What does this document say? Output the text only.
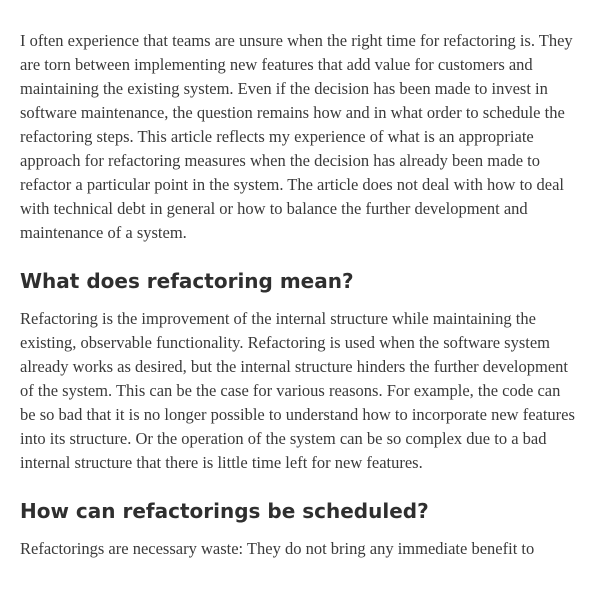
I often experience that teams are unsure when the right time for refactoring is. They are torn between implementing new features that add value for customers and maintaining the existing system. Even if the decision has been made to invest in software maintenance, the question remains how and in what order to schedule the refactoring steps. This article reflects my experience of what is an appropriate approach for refactoring measures when the decision has already been made to refactor a particular point in the system. The article does not deal with how to deal with technical debt in general or how to balance the further development and maintenance of a system.

What does refactoring mean?

Refactoring is the improvement of the internal structure while maintaining the existing, observable functionality. Refactoring is used when the software system already works as desired, but the internal structure hinders the further development of the system. This can be the case for various reasons. For example, the code can be so bad that it is no longer possible to understand how to incorporate new features into its structure. Or the operation of the system can be so complex due to a bad internal structure that there is little time left for new features.

How can refactorings be scheduled?

Refactorings are necessary waste: They do not bring any immediate benefit to
